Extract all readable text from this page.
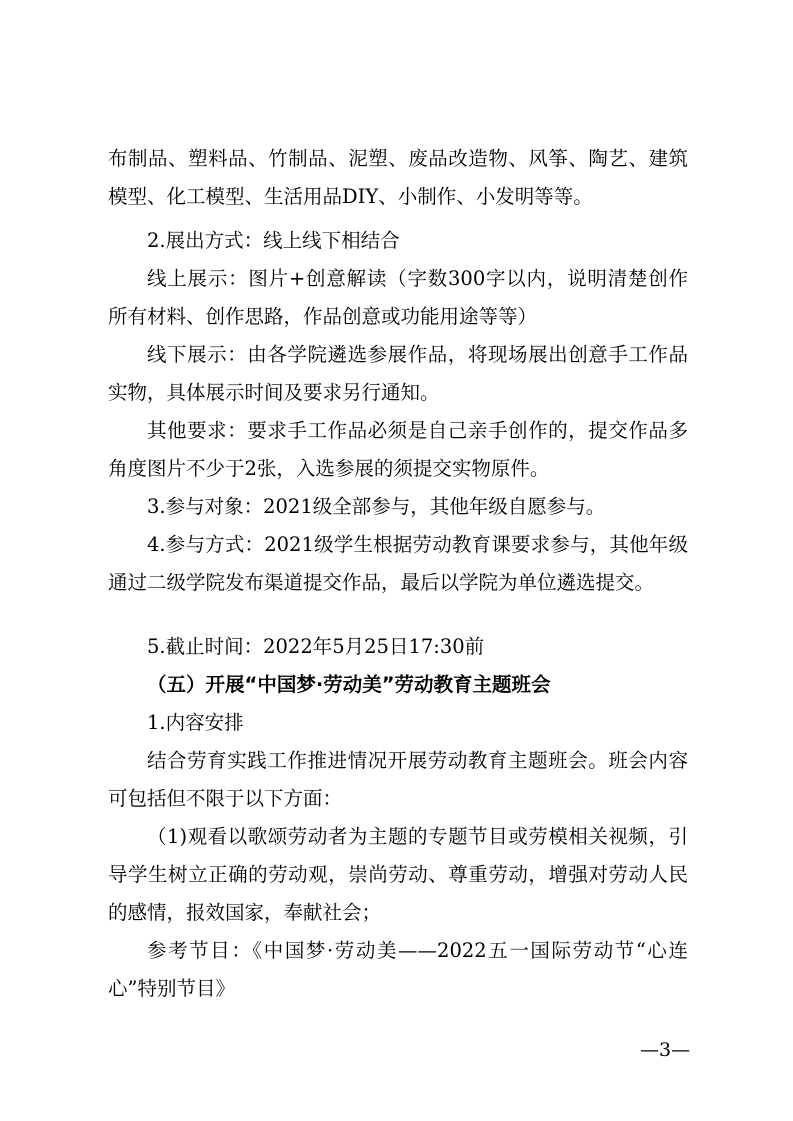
布制品、塑料品、竹制品、泥塑、废品改造物、风筝、陶艺、建筑模型、化工模型、生活用品DIY、小制作、小发明等等。

2.展出方式：线上线下相结合

线上展示：图片+创意解读（字数300字以内，说明清楚创作所有材料、创作思路，作品创意或功能用途等等）

线下展示：由各学院遴选参展作品，将现场展出创意手工作品实物，具体展示时间及要求另行通知。

其他要求：要求手工作品必须是自己亲手创作的，提交作品多角度图片不少于2张，入选参展的须提交实物原件。

3.参与对象：2021级全部参与，其他年级自愿参与。

4.参与方式：2021级学生根据劳动教育课要求参与，其他年级通过二级学院发布渠道提交作品，最后以学院为单位遴选提交。

5.截止时间：2022年5月25日17:30前

（五）开展“中国梦·劳动美”劳动教育主题班会

1.内容安排

结合劳育实践工作推进情况开展劳动教育主题班会。班会内容可包括但不限于以下方面：

（1)观看以歌颂劳动者为主题的专题节目或劳模相关视频，引导学生树立正确的劳动观，崇尚劳动、尊重劳动，增强对劳动人民的感情，报效国家，奉献社会；

参考节目：《中国梦·劳动美——2022五一国际劳动节“心连心”特别节目》

—3—
